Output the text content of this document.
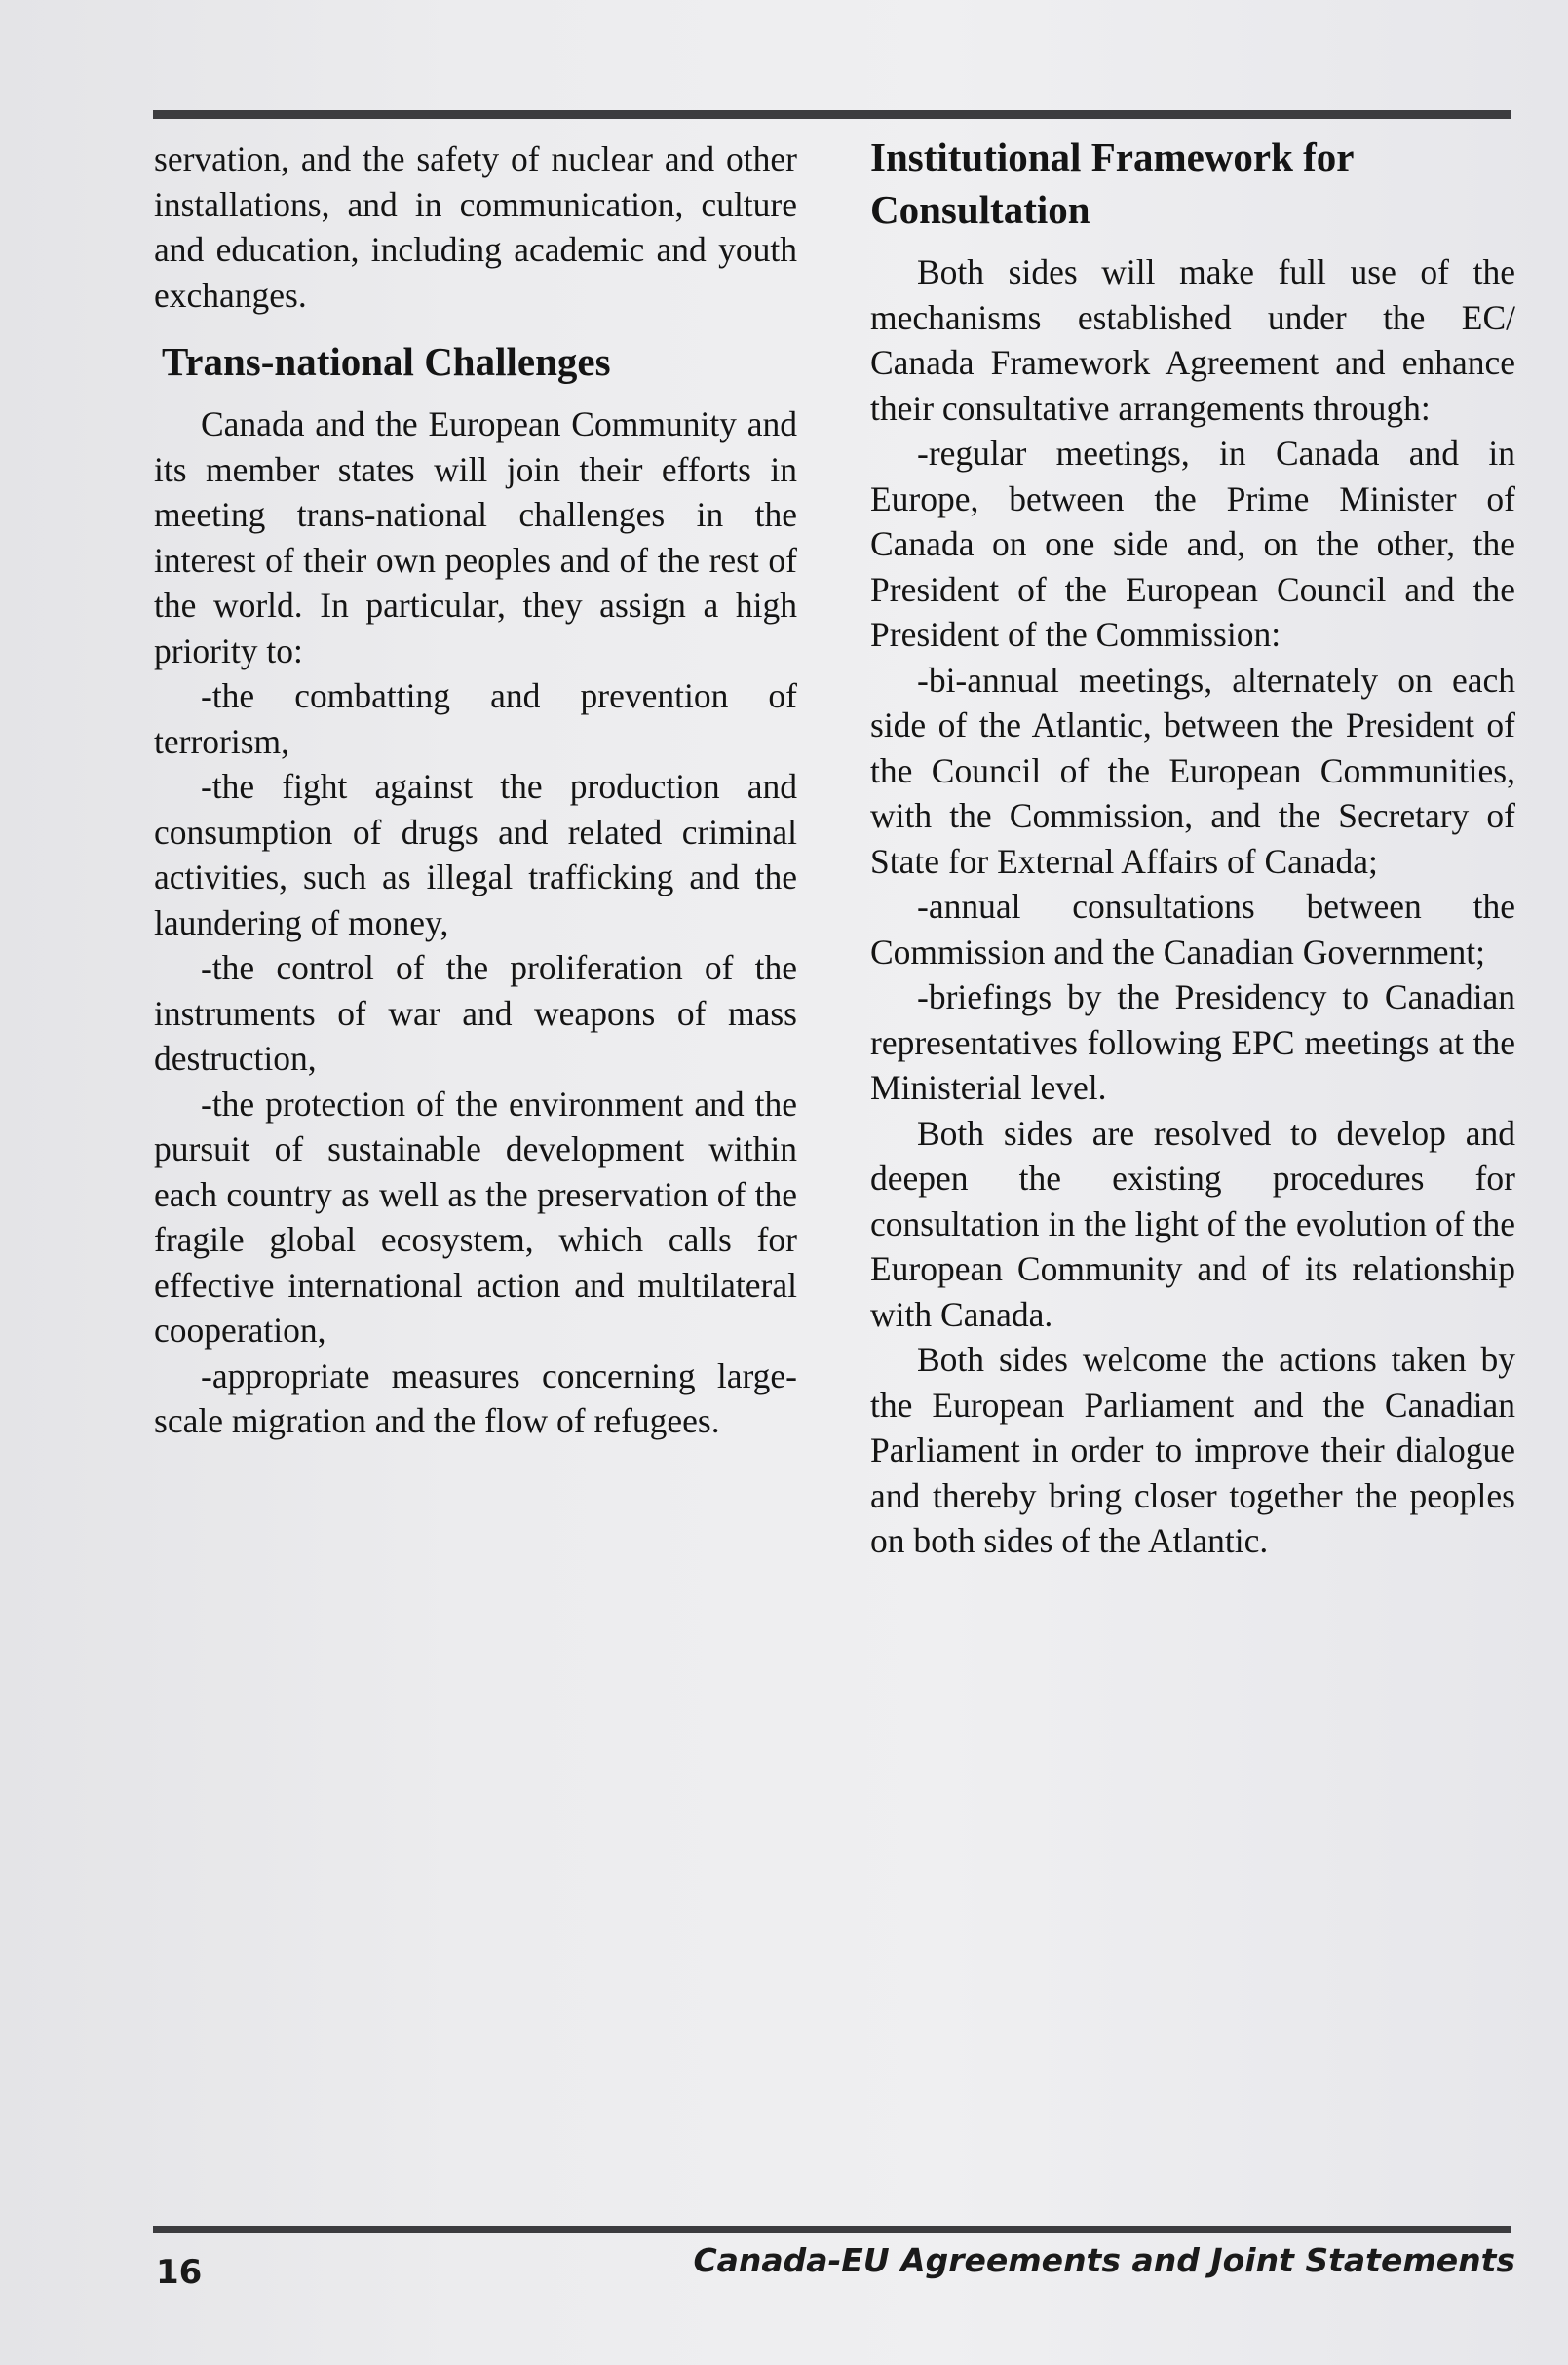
servation, and the safety of nuclear and other installations, and in communication, culture and education, including academic and youth exchanges.

Trans-national Challenges

Canada and the European Community and its member states will join their efforts in meeting trans-national challenges in the interest of their own peoples and of the rest of the world. In particular, they assign a high priority to:

-the combatting and prevention of terrorism,

-the fight against the production and consumption of drugs and related criminal activities, such as illegal trafficking and the laundering of money,

-the control of the proliferation of the instruments of war and weapons of mass destruction,

-the protection of the environment and the pursuit of sustainable development within each country as well as the preservation of the fragile global ecosystem, which calls for effective international action and multilateral cooperation,

-appropriate measures concerning large-scale migration and the flow of refugees.

Institutional Framework for Consultation

Both sides will make full use of the mechanisms established under the EC/ Canada Framework Agreement and enhance their consultative arrangements through:

-regular meetings, in Canada and in Europe, between the Prime Minister of Canada on one side and, on the other, the President of the European Council and the President of the Commission:

-bi-annual meetings, alternately on each side of the Atlantic, between the President of the Council of the European Communities, with the Commission, and the Secretary of State for External Affairs of Canada;

-annual consultations between the Commission and the Canadian Government;

-briefings by the Presidency to Canadian representatives following EPC meetings at the Ministerial level.

Both sides are resolved to develop and deepen the existing procedures for consultation in the light of the evolution of the European Community and of its relationship with Canada.

Both sides welcome the actions taken by the European Parliament and the Canadian Parliament in order to improve their dialogue and thereby bring closer together the peoples on both sides of the Atlantic.

16	Canada-EU Agreements and Joint Statements
